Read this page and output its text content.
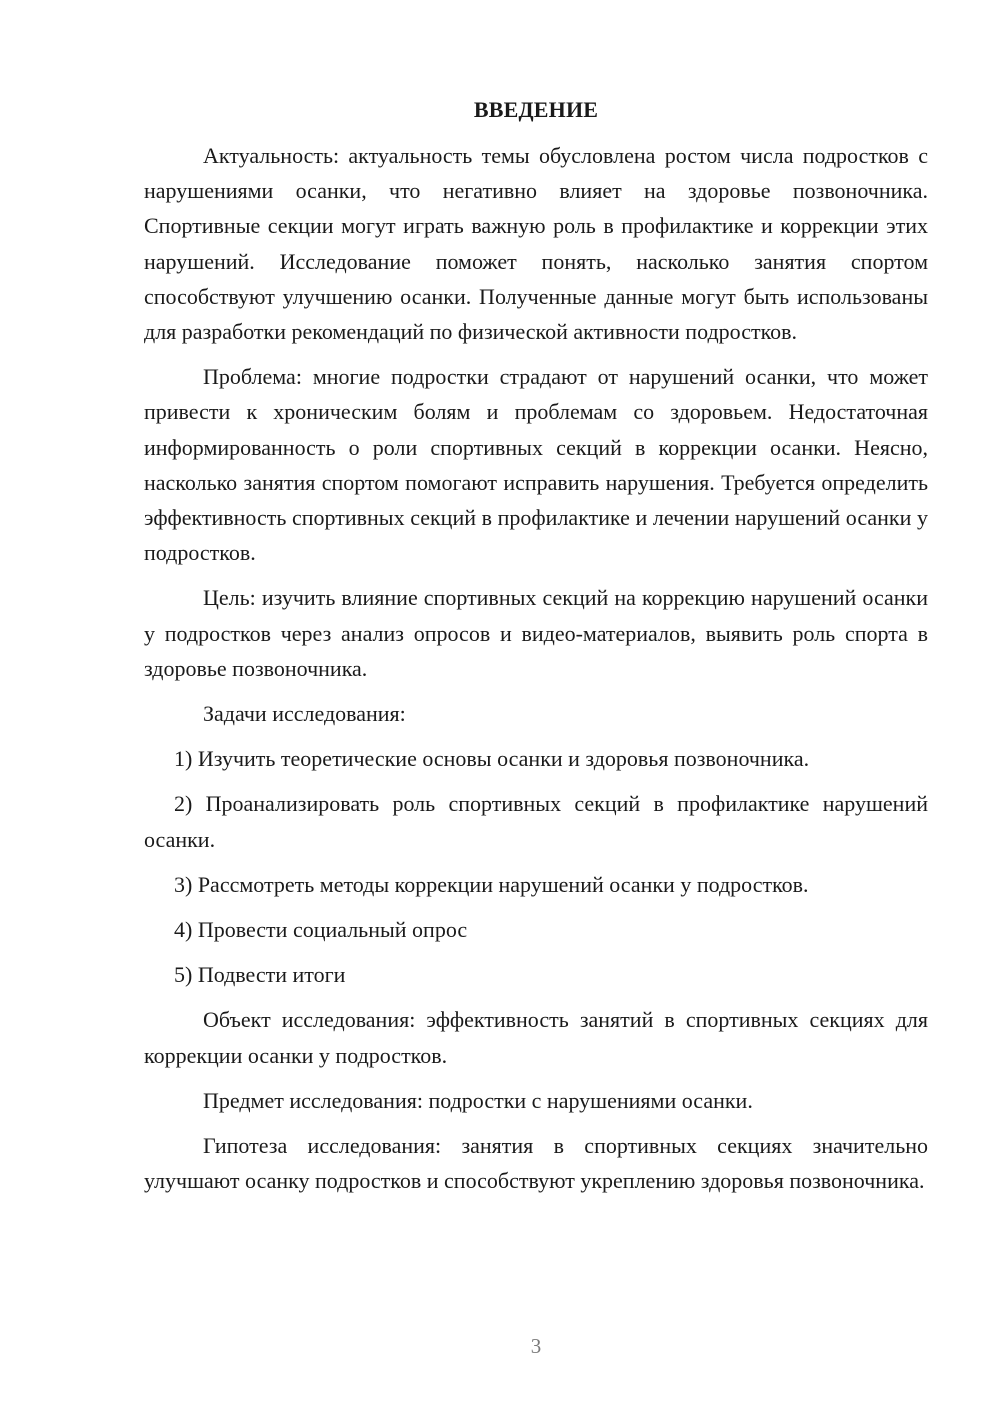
ВВЕДЕНИЕ

Актуальность: актуальность темы обусловлена ростом числа подростков с нарушениями осанки, что негативно влияет на здоровье позвоночника. Спортивные секции могут играть важную роль в профилактике и коррекции этих нарушений. Исследование поможет понять, насколько занятия спортом способствуют улучшению осанки. Полученные данные могут быть использованы для разработки рекомендаций по физической активности подростков.

Проблема: многие подростки страдают от нарушений осанки, что может привести к хроническим болям и проблемам со здоровьем. Недостаточная информированность о роли спортивных секций в коррекции осанки. Неясно, насколько занятия спортом помогают исправить нарушения. Требуется определить эффективность спортивных секций в профилактике и лечении нарушений осанки у подростков.

Цель: изучить влияние спортивных секций на коррекцию нарушений осанки у подростков через анализ опросов и видео-материалов, выявить роль спорта в здоровье позвоночника.

Задачи исследования:

1) Изучить теоретические основы осанки и здоровья позвоночника.

2) Проанализировать роль спортивных секций в профилактике нарушений осанки.

3) Рассмотреть методы коррекции нарушений осанки у подростков.

4) Провести социальный опрос

5) Подвести итоги

Объект исследования: эффективность занятий в спортивных секциях для коррекции осанки у подростков.

Предмет исследования: подростки с нарушениями осанки.

Гипотеза исследования: занятия в спортивных секциях значительно улучшают осанку подростков и способствуют укреплению здоровья позвоночника.

3
